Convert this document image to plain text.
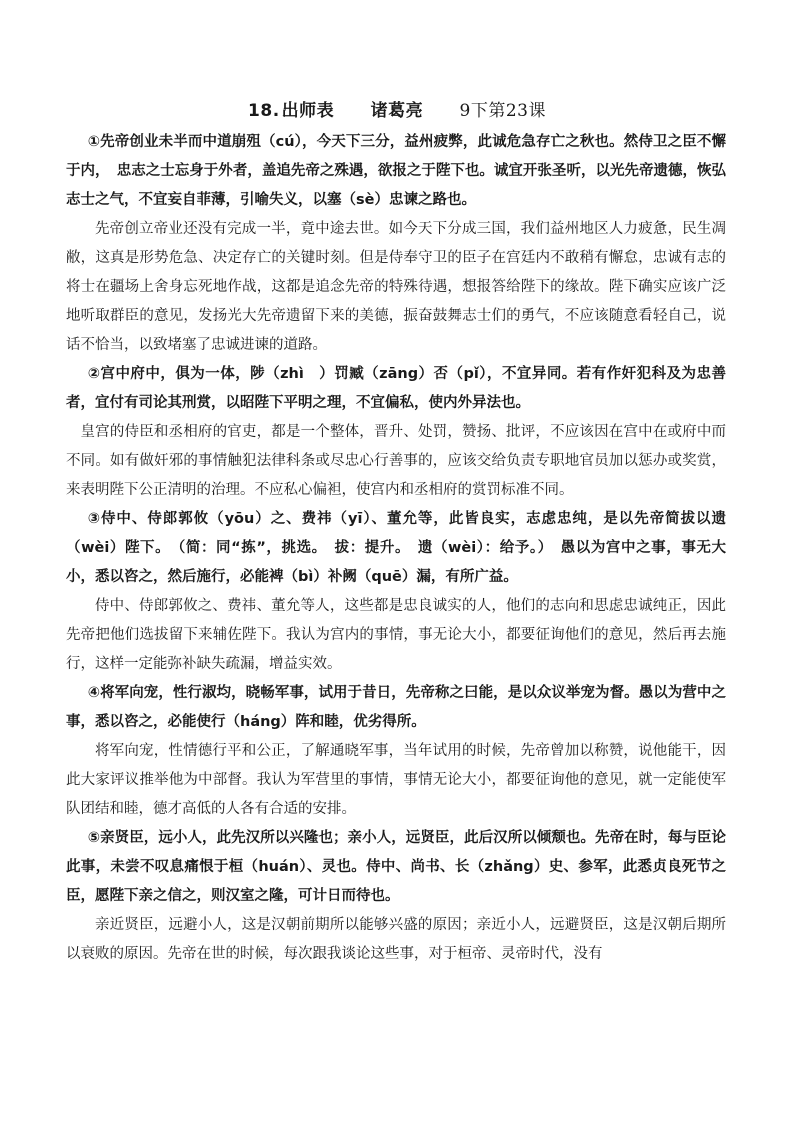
18. 出师表 诸葛亮 9下第23课

①先帝创业未半而中道崩殂（cú），今天下三分，益州疲弊，此诚危急存亡之秋也。然侍卫之臣不懈于内，　忠志之士忘身于外者，盖追先帝之殊遇，欲报之于陛下也。诚宜开张圣听，以光先帝遗德，恢弘志士之气，不宜妄自菲薄，引喻失义，以塞（sè）忠谏之路也。

先帝创立帝业还没有完成一半，竟中途去世。如今天下分成三国，我们益州地区人力疲惫，民生凋敝，这真是形势危急、决定存亡的关键时刻。但是侍奉守卫的臣子在宫廷内不敢稍有懈怠，忠诚有志的将士在疆场上舍身忘死地作战，这都是追念先帝的特殊待遇，想报答给陛下的缘故。陛下确实应该广泛地听取群臣的意见，发扬光大先帝遗留下来的美德，振奋鼓舞志士们的勇气，不应该随意看轻自己，说话不恰当，以致堵塞了忠诚进谏的道路。

②宫中府中，俱为一体，陟（zhì　）罚臧（zāng）否（pǐ），不宜异同。若有作奸犯科及为忠善者，宜付有司论其刑赏，以昭陛下平明之理，不宜偏私，使内外异法也。

皇宫的侍臣和丞相府的官吏，都是一个整体，晋升、处罚，赞扬、批评，不应该因在宫中在或府中而不同。如有做奸邪的事情触犯法律科条或尽忠心行善事的，应该交给负责专职地官员加以惩办或奖赏，来表明陛下公正清明的治理。不应私心偏袒，使宫内和丞相府的赏罚标准不同。

③侍中、侍郎郭攸（yōu）之、费祎（yī）、董允等，此皆良实，志虑忠纯，是以先帝简拔以遗（wèi）陛下。　（简：同“拣”，挑选。　拔：提升。　遗（wèi）：给予。）　愚以为宫中之事，事无大小，悉以咨之，然后施行，必能裨（bì）补阙（quē）漏，有所广益。

侍中、侍郎郭攸之、费祎、董允等人，这些都是忠良诚实的人，他们的志向和思虑忠诚纯正，因此先帝把他们选拔留下来辅佐陛下。我认为宫内的事情，事无论大小，都要征询他们的意见，然后再去施行，这样一定能弥补缺失疏漏，增益实效。

④将军向宠，性行淑均，晓畅军事，试用于昔日，先帝称之曰能，是以众议举宠为督。愚以为营中之事，悉以咨之，必能使行（háng）阵和睦，优劣得所。

将军向宠，性情德行平和公正，了解通晓军事，当年试用的时候，先帝曾加以称赞，说他能干，因此大家评议推举他为中部督。我认为军营里的事情，事情无论大小，都要征询他的意见，就一定能使军队团结和睦，德才高低的人各有合适的安排。

⑤亲贤臣，远小人，此先汉所以兴隆也；亲小人，远贤臣，此后汉所以倾颓也。先帝在时，每与臣论此事，未尝不叹息痛恨于桓（huán）、灵也。侍中、尚书、长（zhǎng）史、参军，此悉贞良死节之臣，愿陛下亲之信之，则汉室之隆，可计日而待也。

亲近贤臣，远避小人，这是汉朝前期所以能够兴盛的原因；亲近小人，远避贤臣，这是汉朝后期所以衰败的原因。先帝在世的时候，每次跟我谈论这些事，对于桓帝、灵帝时代，没有
